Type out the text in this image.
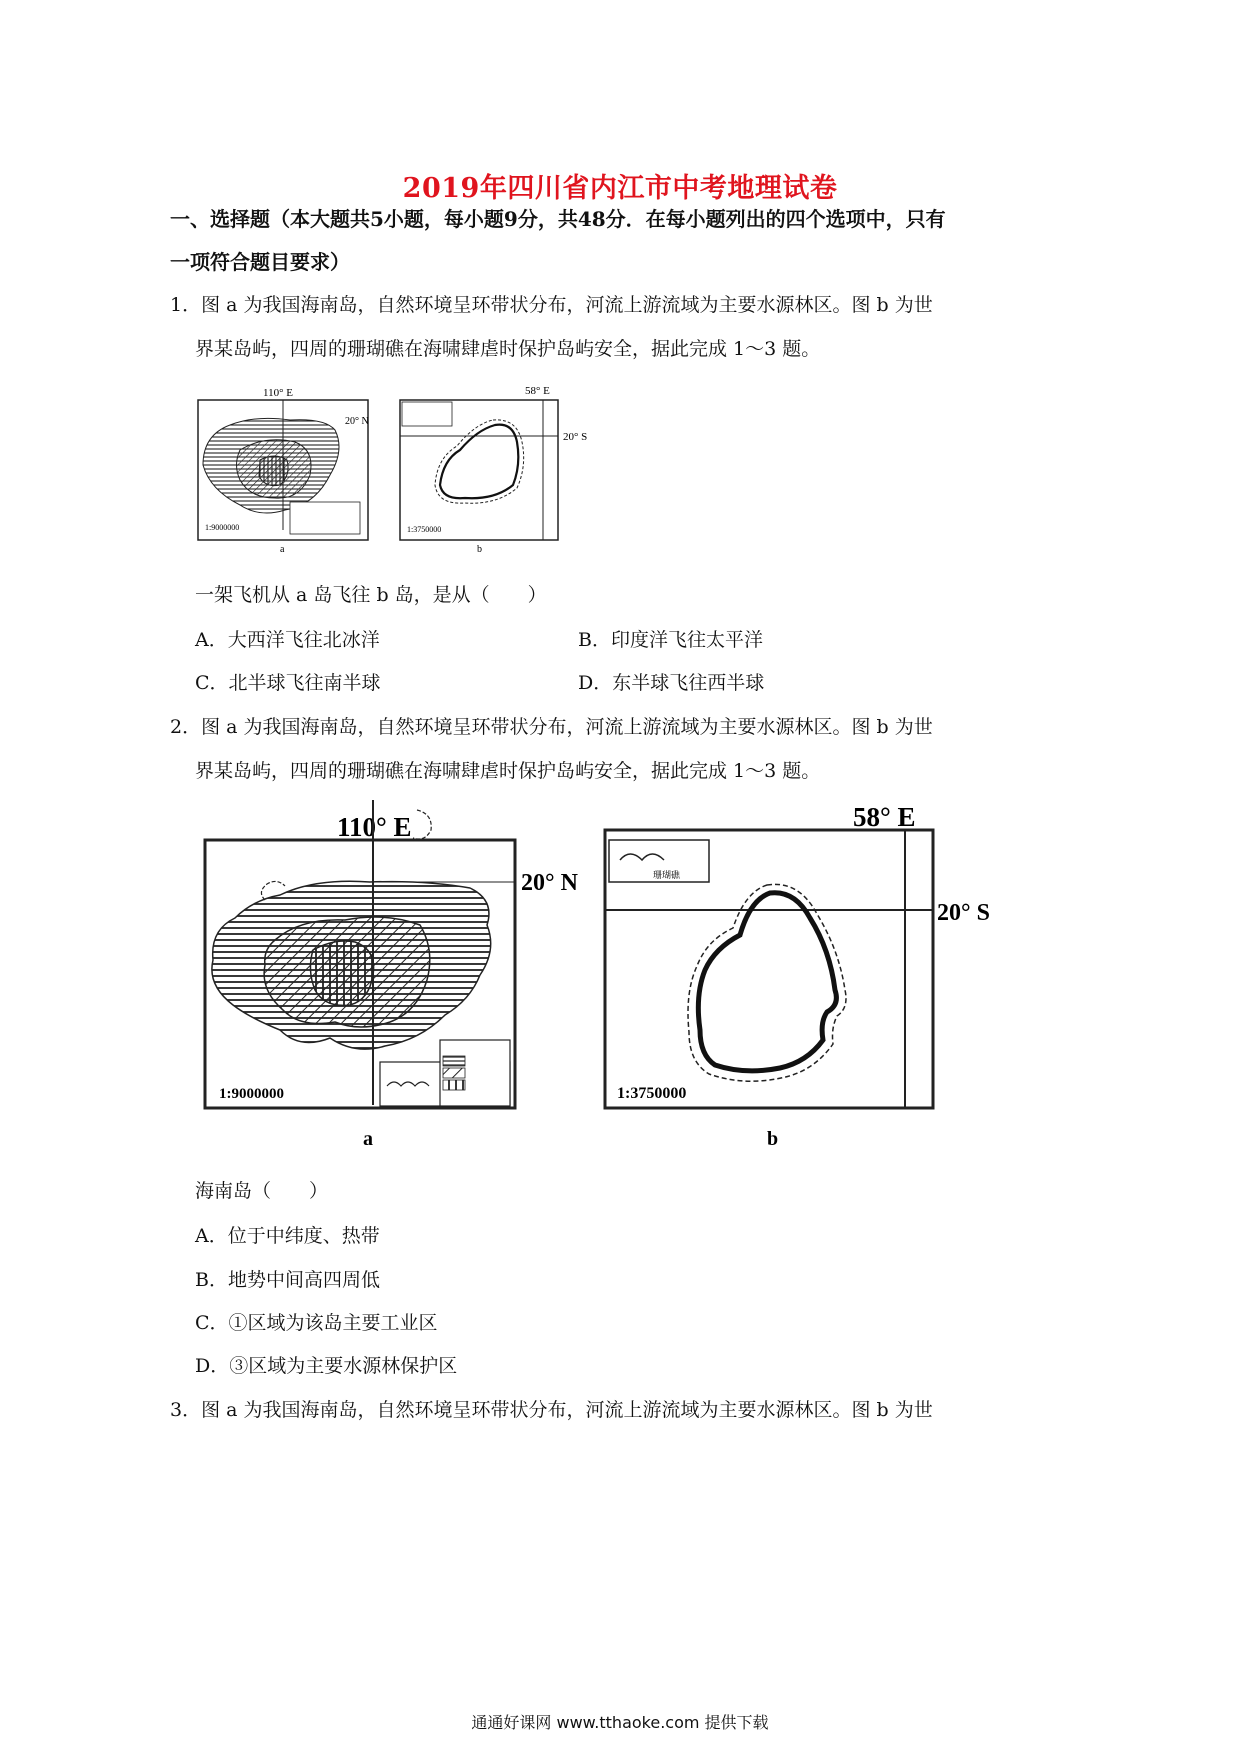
2019年四川省内江市中考地理试卷
一、选择题（本大题共5小题，每小题9分，共48分．在每小题列出的四个选项中，只有
一项符合题目要求）
1．图 a 为我国海南岛，自然环境呈环带状分布，河流上游流域为主要水源林区。图 b 为世
界某岛屿，四周的珊瑚礁在海啸肆虐时保护岛屿安全，据此完成 1～3 题。
110° E
20° N
1:9000000
a
58° E
20° S
1:3750000
b
一架飞机从 a 岛飞往 b 岛，是从（　　）
A．大西洋飞往北冰洋	B．印度洋飞往太平洋
C．北半球飞往南半球	D．东半球飞往西半球
2．图 a 为我国海南岛，自然环境呈环带状分布，河流上游流域为主要水源林区。图 b 为世
界某岛屿，四周的珊瑚礁在海啸肆虐时保护岛屿安全，据此完成 1～3 题。
110° E
20° N
1:9000000
a
58° E
20° S
珊瑚礁
1:3750000
b
海南岛（　　）
A．位于中纬度、热带
B．地势中间高四周低
C．①区域为该岛主要工业区
D．③区域为主要水源林保护区
3．图 a 为我国海南岛，自然环境呈环带状分布，河流上游流域为主要水源林区。图 b 为世
通通好课网 www.tthaoke.com 提供下载
